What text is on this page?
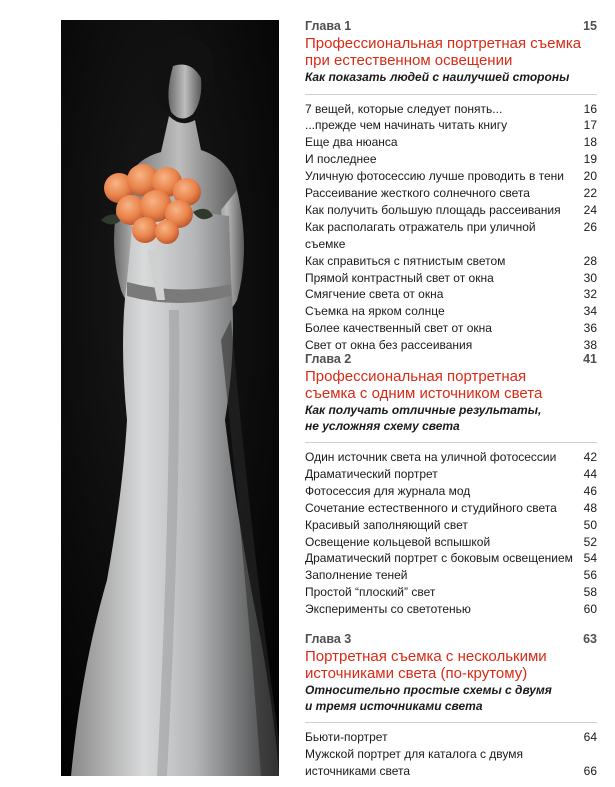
Глава 1	15
Профессиональная портретная съемка
при естественном освещении
Как показать людей с наилучшей стороны
7 вещей, которые следует понять...	16
...прежде чем начинать читать книгу	17
Еще два нюанса	18
И последнее	19
Уличную фотосессию лучше проводить в тени 20
Рассеивание жесткого солнечного света	22
Как получить большую площадь рассеивания 24
Как располагать отражатель при уличной съемке
26
Как справиться с пятнистым светом	28
Прямой контрастный свет от окна	30
Смягчение света от окна	32
Съемка на ярком солнце	34
Более качественный свет от окна	36
Свет от окна без рассеивания	38
Глава 2	41
Профессиональная портретная
съемка с одним источником света
Как получать отличные результаты,
не усложняя схему света
Один источник света на уличной фотосессии 42
Драматический портрет	44
Фотосессия для журнала мод	46
Сочетание естественного и студийного света 48
Красивый заполняющий свет	50
Освещение кольцевой вспышкой	52
Драматический портрет с боковым освещением 54
Заполнение теней	56
Простой “плоский” свет	58
Эксперименты со светотенью	60
Глава 3	63
Портретная съемка с несколькими
источниками света (по-крутому)
Относительно простые схемы с двумя
и тремя источниками света
Бьюти-портрет	64
Мужской портрет для каталога с двумя
источниками света	66
